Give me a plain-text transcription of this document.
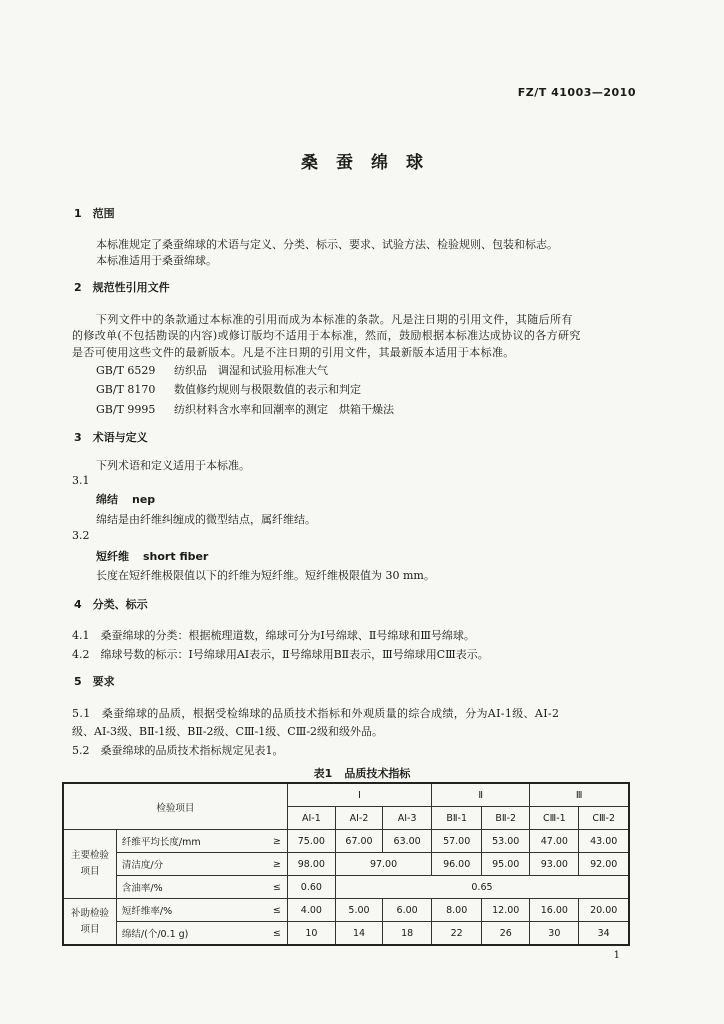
FZ/T 41003—2010
桑蚕绵球
1　范围
本标准规定了桑蚕绵球的术语与定义、分类、标示、要求、试验方法、检验规则、包装和标志。
本标准适用于桑蚕绵球。
2　规范性引用文件
下列文件中的条款通过本标准的引用而成为本标准的条款。凡是注日期的引用文件，其随后所有
的修改单(不包括勘误的内容)或修订版均不适用于本标准，然而，鼓励根据本标准达成协议的各方研究
是否可使用这些文件的最新版本。凡是不注日期的引用文件，其最新版本适用于本标准。
GB/T 6529 纺织品　调湿和试验用标准大气
GB/T 8170 数值修约规则与极限数值的表示和判定
GB/T 9995 纺织材料含水率和回潮率的测定　烘箱干燥法
3　术语与定义
下列术语和定义适用于本标准。
3.1
绵结 nep
绵结是由纤维纠缠成的微型结点，属纤维结。
3.2
短纤维 short fiber
长度在短纤维极限值以下的纤维为短纤维。短纤维极限值为 30 mm。
4　分类、标示
4.1　桑蚕绵球的分类：根据梳理道数，绵球可分为Ⅰ号绵球、Ⅱ号绵球和Ⅲ号绵球。
4.2　绵球号数的标示：Ⅰ号绵球用AⅠ表示，Ⅱ号绵球用BⅡ表示，Ⅲ号绵球用CⅢ表示。
5　要求
5.1　桑蚕绵球的品质，根据受检绵球的品质技术指标和外观质量的综合成绩，分为AⅠ-1级、AⅠ-2
级、AⅠ-3级、BⅡ-1级、BⅡ-2级、CⅢ-1级、CⅢ-2级和级外品。
5.2　桑蚕绵球的品质技术指标规定见表1。
表1 品质技术指标
检验项目			Ⅰ			Ⅱ		Ⅲ	
			AⅠ-1	AⅠ-2	AⅠ-3	BⅡ-1	BⅡ-2	CⅢ-1	CⅢ-2
主要检验
项目	纤维平均长度/mm	≥	75.00	67.00	63.00	57.00	53.00	47.00	43.00
	清洁度/分	≥	98.00	97.00		96.00	95.00	93.00	92.00
	含油率/%	≤	0.60	0.65					
补助检验
项目	短纤维率/%	≤	4.00	5.00	6.00	8.00	12.00	16.00	20.00
	绵结/(个/0.1 g)	≤	10	14	18	22	26	30	34
1
